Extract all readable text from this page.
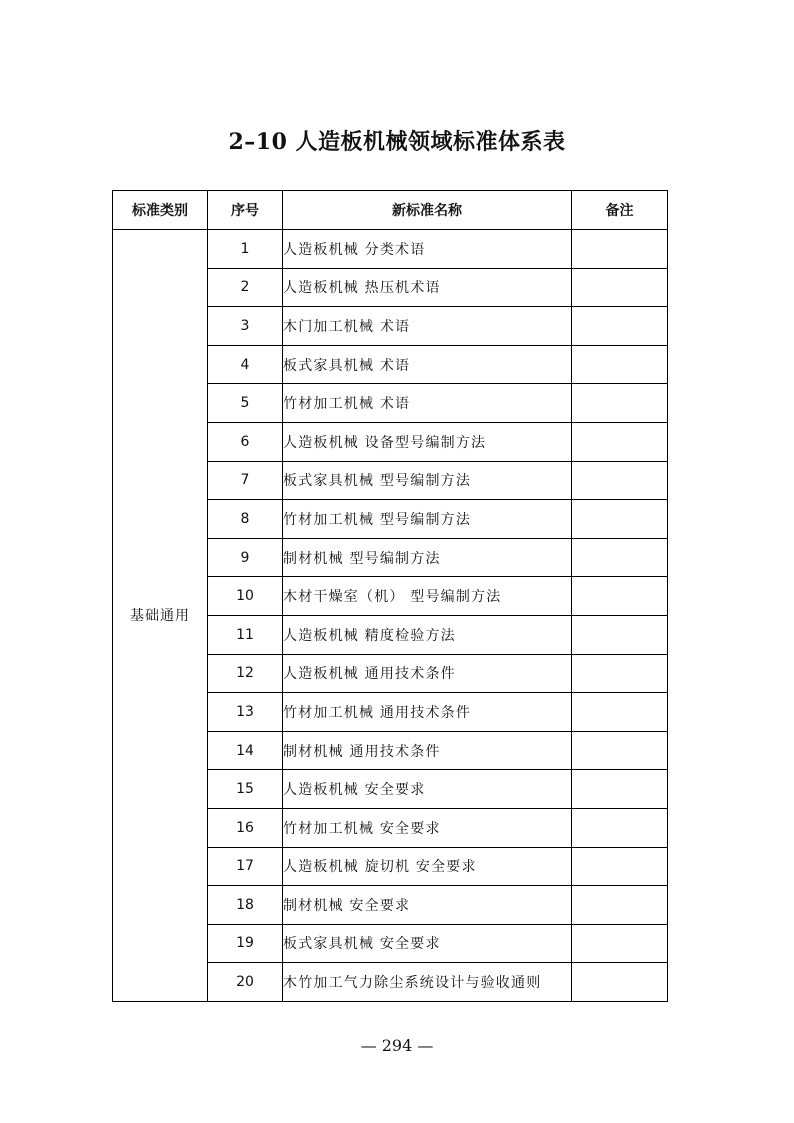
2–10 人造板机械领域标准体系表
标准类别	序号	新标准名称	备注
基础通用	1	人造板机械 分类术语	
	2	人造板机械 热压机术语	
	3	木门加工机械 术语	
	4	板式家具机械 术语	
	5	竹材加工机械 术语	
	6	人造板机械 设备型号编制方法	
	7	板式家具机械 型号编制方法	
	8	竹材加工机械 型号编制方法	
	9	制材机械 型号编制方法	
	10	木材干燥室（机） 型号编制方法	
	11	人造板机械 精度检验方法	
	12	人造板机械 通用技术条件	
	13	竹材加工机械 通用技术条件	
	14	制材机械 通用技术条件	
	15	人造板机械 安全要求	
	16	竹材加工机械 安全要求	
	17	人造板机械 旋切机 安全要求	
	18	制材机械 安全要求	
	19	板式家具机械 安全要求	
	20	木竹加工气力除尘系统设计与验收通则	
— 294 —
